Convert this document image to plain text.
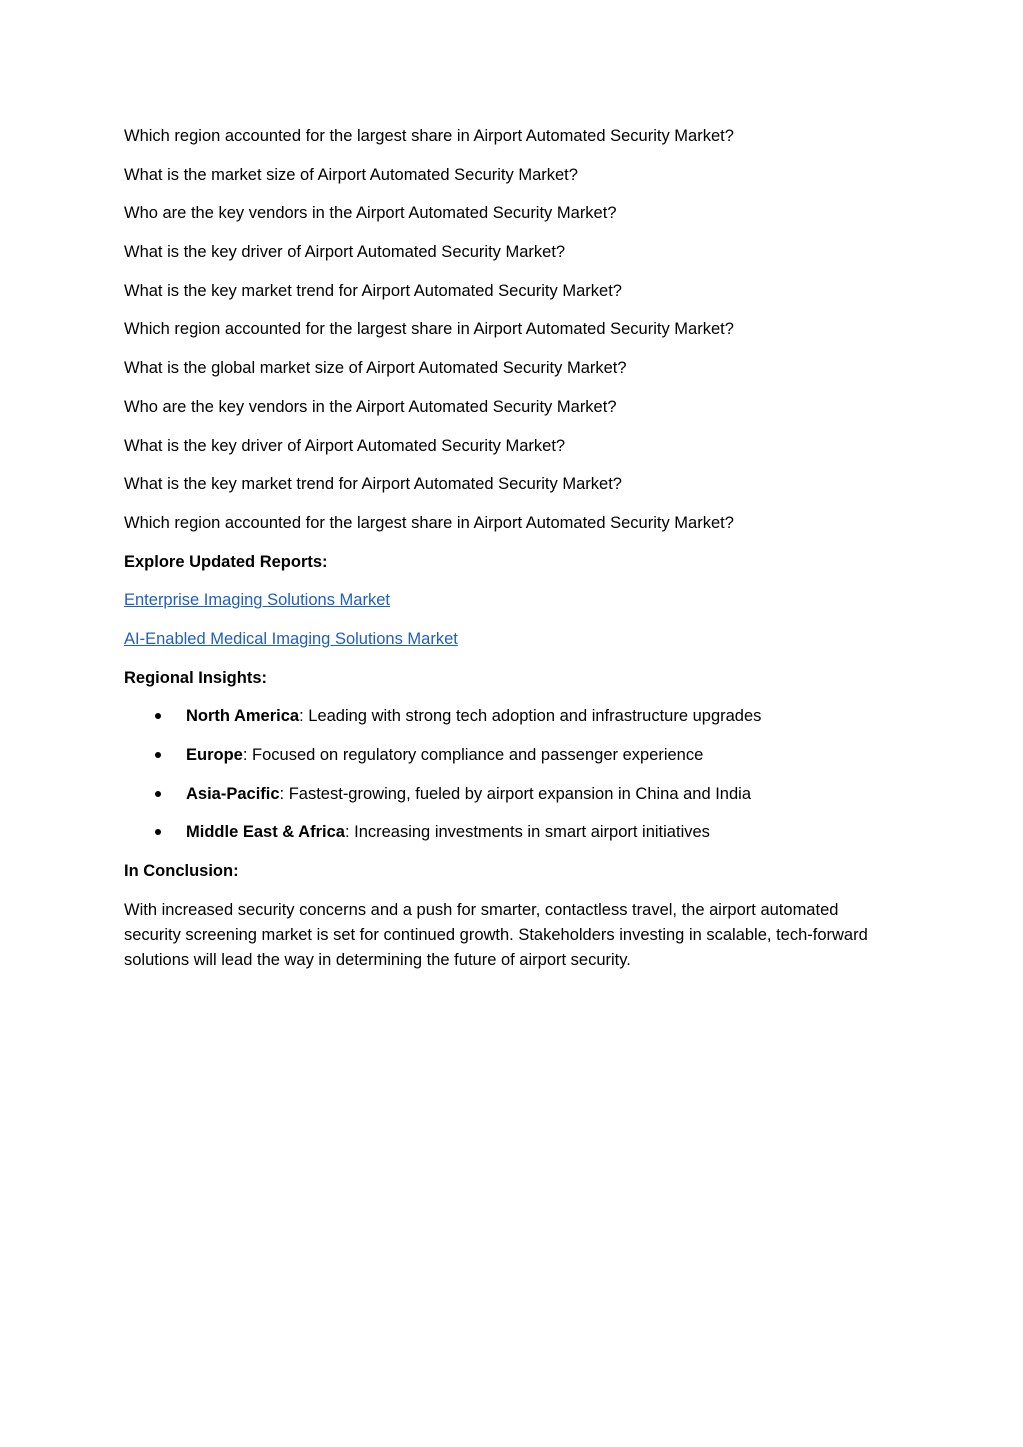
Which region accounted for the largest share in Airport Automated Security Market?

What is the market size of Airport Automated Security Market?

Who are the key vendors in the Airport Automated Security Market?

What is the key driver of Airport Automated Security Market?

What is the key market trend for Airport Automated Security Market?

Which region accounted for the largest share in Airport Automated Security Market?

What is the global market size of Airport Automated Security Market?

Who are the key vendors in the Airport Automated Security Market?

What is the key driver of Airport Automated Security Market?

What is the key market trend for Airport Automated Security Market?

Which region accounted for the largest share in Airport Automated Security Market?

Explore Updated Reports:

Enterprise Imaging Solutions Market

AI-Enabled Medical Imaging Solutions Market

Regional Insights:

North America: Leading with strong tech adoption and infrastructure upgrades
Europe: Focused on regulatory compliance and passenger experience
Asia-Pacific: Fastest-growing, fueled by airport expansion in China and India
Middle East & Africa: Increasing investments in smart airport initiatives

In Conclusion:

With increased security concerns and a push for smarter, contactless travel, the airport automated security screening market is set for continued growth. Stakeholders investing in scalable, tech-forward solutions will lead the way in determining the future of airport security.
